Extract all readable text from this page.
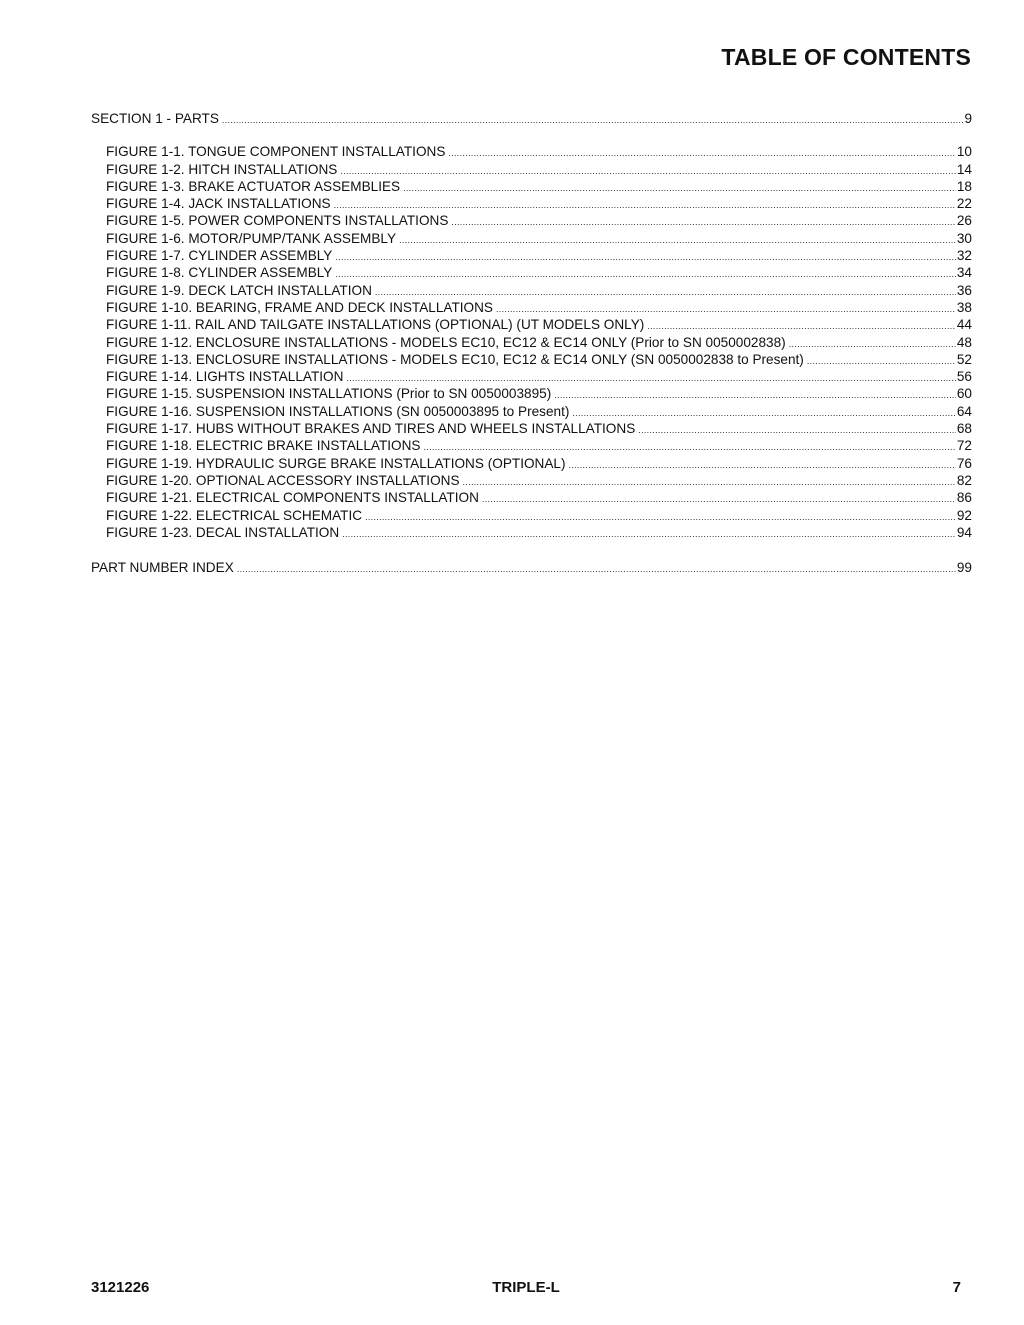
TABLE OF CONTENTS
SECTION 1 - PARTS .....	9
FIGURE 1-1. TONGUE COMPONENT INSTALLATIONS .....	10
FIGURE 1-2. HITCH INSTALLATIONS .....	14
FIGURE 1-3. BRAKE ACTUATOR ASSEMBLIES .....	18
FIGURE 1-4. JACK INSTALLATIONS .....	22
FIGURE 1-5. POWER COMPONENTS INSTALLATIONS .....	26
FIGURE 1-6. MOTOR/PUMP/TANK ASSEMBLY .....	30
FIGURE 1-7. CYLINDER ASSEMBLY .....	32
FIGURE 1-8. CYLINDER ASSEMBLY .....	34
FIGURE 1-9. DECK LATCH INSTALLATION .....	36
FIGURE 1-10. BEARING, FRAME AND DECK INSTALLATIONS .....	38
FIGURE 1-11. RAIL AND TAILGATE INSTALLATIONS (OPTIONAL) (UT MODELS ONLY) .....	44
FIGURE 1-12. ENCLOSURE INSTALLATIONS - MODELS EC10, EC12 & EC14 ONLY (Prior to SN 0050002838) .....	48
FIGURE 1-13. ENCLOSURE INSTALLATIONS - MODELS EC10, EC12 & EC14 ONLY (SN 0050002838 to Present) .....	52
FIGURE 1-14. LIGHTS INSTALLATION .....	56
FIGURE 1-15. SUSPENSION INSTALLATIONS (Prior to SN 0050003895) .....	60
FIGURE 1-16. SUSPENSION INSTALLATIONS (SN 0050003895 to Present) .....	64
FIGURE 1-17. HUBS WITHOUT BRAKES AND TIRES AND WHEELS INSTALLATIONS .....	68
FIGURE 1-18. ELECTRIC BRAKE INSTALLATIONS .....	72
FIGURE 1-19. HYDRAULIC SURGE BRAKE INSTALLATIONS (OPTIONAL) .....	76
FIGURE 1-20. OPTIONAL ACCESSORY INSTALLATIONS .....	82
FIGURE 1-21. ELECTRICAL COMPONENTS INSTALLATION .....	86
FIGURE 1-22. ELECTRICAL SCHEMATIC .....	92
FIGURE 1-23. DECAL INSTALLATION .....	94
PART NUMBER INDEX .....	99
3121226	TRIPLE-L	7
